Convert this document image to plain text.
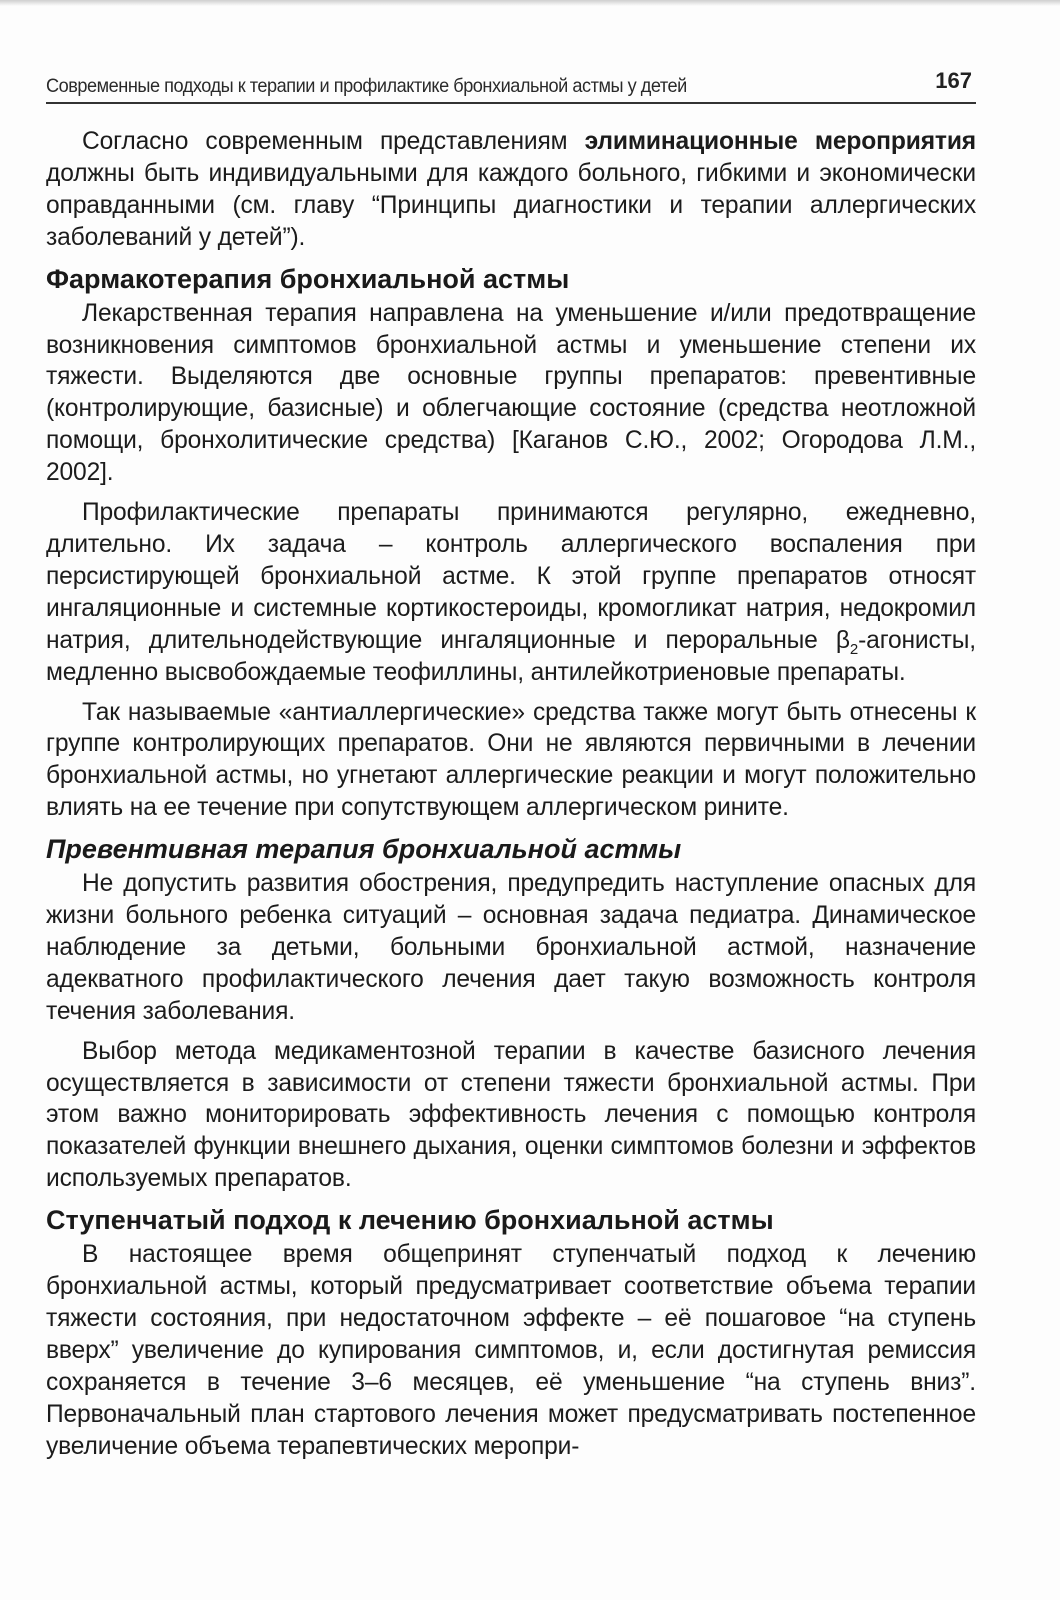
Современные подходы к терапии и профилактике бронхиальной астмы у детей	167

Согласно современным представлениям элиминационные мероприятия должны быть индивидуальными для каждого больного, гибкими и экономически оправданными (см. главу “Принципы диагностики и терапии аллергических заболеваний у детей”).

Фармакотерапия бронхиальной астмы

Лекарственная терапия направлена на уменьшение и/или предотвращение возникновения симптомов бронхиальной астмы и уменьшение степени их тяжести. Выделяются две основные группы препаратов: превентивные (контролирующие, базисные) и облегчающие состояние (средства неотложной помощи, бронхолитические средства) [Каганов С.Ю., 2002; Огородова Л.М., 2002].

Профилактические препараты принимаются регулярно, ежедневно, длительно. Их задача – контроль аллергического воспаления при персистирующей бронхиальной астме. К этой группе препаратов относят ингаляционные и системные кортикостероиды, кромогликат натрия, недокромил натрия, длительнодействующие ингаляционные и пероральные $\beta_2$-агонисты, медленно высвобождаемые теофиллины, антилейкотриеновые препараты.

Так называемые «антиаллергические» средства также могут быть отнесены к группе контролирующих препаратов. Они не являются первичными в лечении бронхиальной астмы, но угнетают аллергические реакции и могут положительно влиять на ее течение при сопутствующем аллергическом рините.

Превентивная терапия бронхиальной астмы

Не допустить развития обострения, предупредить наступление опасных для жизни больного ребенка ситуаций – основная задача педиатра. Динамическое наблюдение за детьми, больными бронхиальной астмой, назначение адекватного профилактического лечения дает такую возможность контроля течения заболевания.

Выбор метода медикаментозной терапии в качестве базисного лечения осуществляется в зависимости от степени тяжести бронхиальной астмы. При этом важно мониторировать эффективность лечения с помощью контроля показателей функции внешнего дыхания, оценки симптомов болезни и эффектов используемых препаратов.

Ступенчатый подход к лечению бронхиальной астмы

В настоящее время общепринят ступенчатый подход к лечению бронхиальной астмы, который предусматривает соответствие объема терапии тяжести состояния, при недостаточном эффекте – её пошаговое “на ступень вверх” увеличение до купирования симптомов, и, если достигнутая ремиссия сохраняется в течение 3–6 месяцев, её уменьшение “на ступень вниз”. Первоначальный план стартового лечения может предусматривать постепенное увеличение объема терапевтических меропри-
